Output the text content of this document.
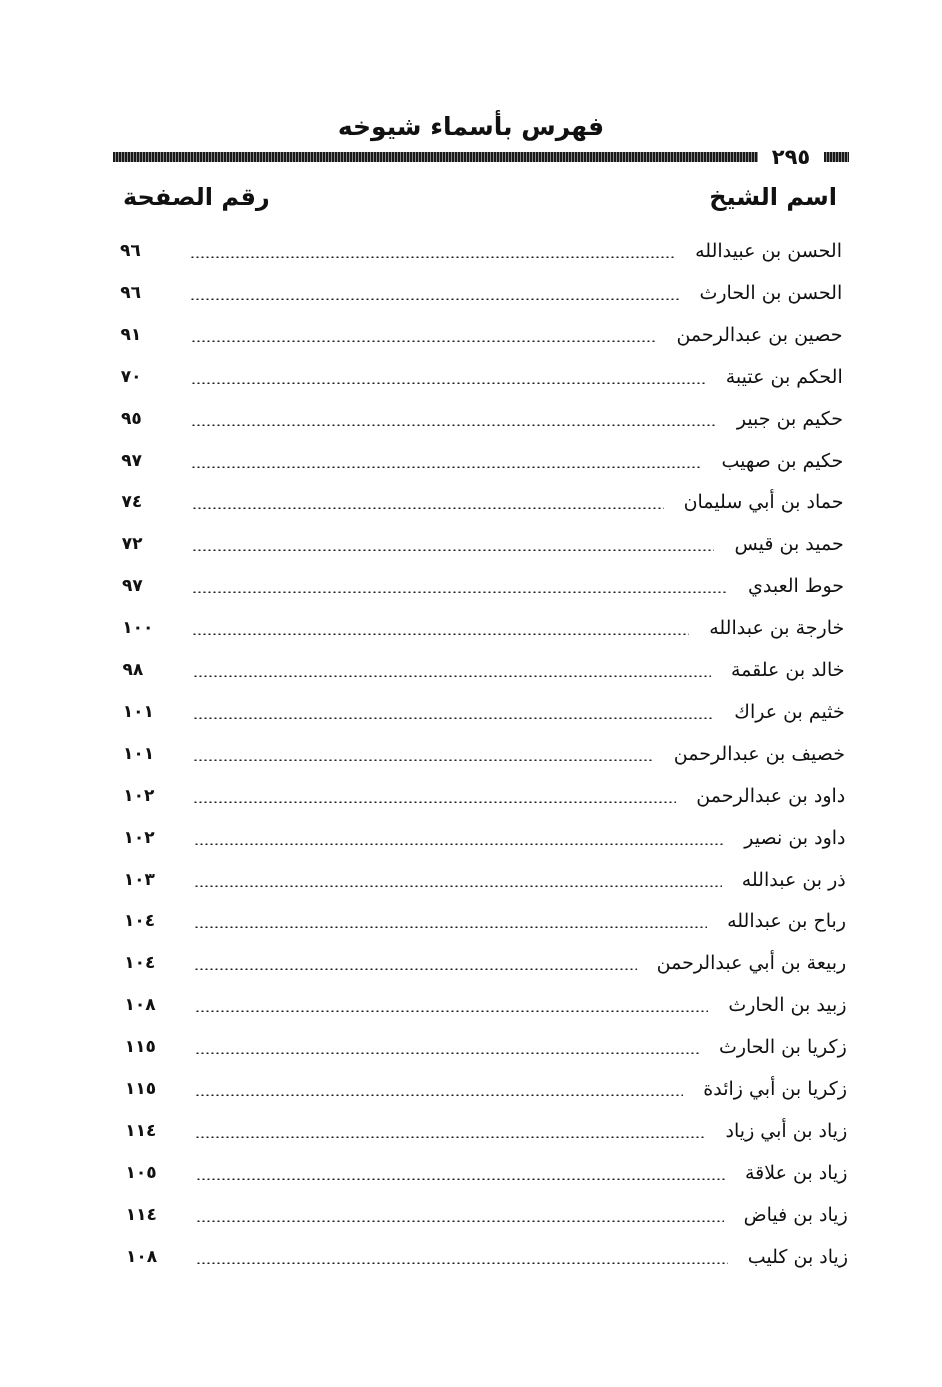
فهرس بأسماء شيوخه
٢٩٥
اسم الشيخ
رقم الصفحة
الحسن بن عبيدالله
٩٦
الحسن بن الحارث
٩٦
حصين بن عبدالرحمن
٩١
الحكم بن عتيبة
٧٠
حكيم بن جبير
٩٥
حكيم بن صهيب
٩٧
حماد بن أبي سليمان
٧٤
حميد بن قيس
٧٢
حوط العبدي
٩٧
خارجة بن عبدالله
١٠٠
خالد بن علقمة
٩٨
خثيم بن عراك
١٠١
خصيف بن عبدالرحمن
١٠١
داود بن عبدالرحمن
١٠٢
داود بن نصير
١٠٢
ذر بن عبدالله
١٠٣
رباح بن عبدالله
١٠٤
ربيعة بن أبي عبدالرحمن
١٠٤
زبيد بن الحارث
١٠٨
زكريا بن الحارث
١١٥
زكريا بن أبي زائدة
١١٥
زياد بن أبي زياد
١١٤
زياد بن علاقة
١٠٥
زياد بن فياض
١١٤
زياد بن كليب
١٠٨
